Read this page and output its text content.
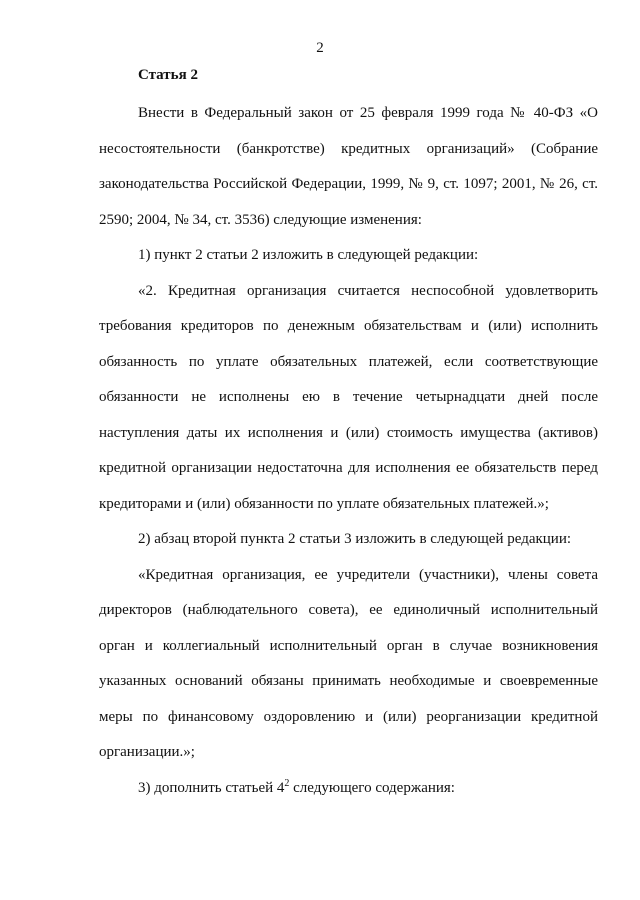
2
Статья 2

Внести в Федеральный закон от 25 февраля 1999 года № 40-ФЗ «О несостоятельности (банкротстве) кредитных организаций» (Собрание законодательства Российской Федерации, 1999, № 9, ст. 1097; 2001, № 26, ст. 2590; 2004, № 34, ст. 3536) следующие изменения:

1) пункт 2 статьи 2 изложить в следующей редакции:

«2. Кредитная организация считается неспособной удовлетворить требования кредиторов по денежным обязательствам и (или) исполнить обязанность по уплате обязательных платежей, если соответствующие обязанности не исполнены ею в течение четырнадцати дней после наступления даты их исполнения и (или) стоимость имущества (активов) кредитной организации недостаточна для исполнения ее обязательств перед кредиторами и (или) обязанности по уплате обязательных платежей.»;

2) абзац второй пункта 2 статьи 3 изложить в следующей редакции:

«Кредитная организация, ее учредители (участники), члены совета директоров (наблюдательного совета), ее единоличный исполнительный орган и коллегиальный исполнительный орган в случае возникновения указанных оснований обязаны принимать необходимые и своевременные меры по финансовому оздоровлению и (или) реорганизации кредитной организации.»;

3) дополнить статьей $4^2$ следующего содержания:
